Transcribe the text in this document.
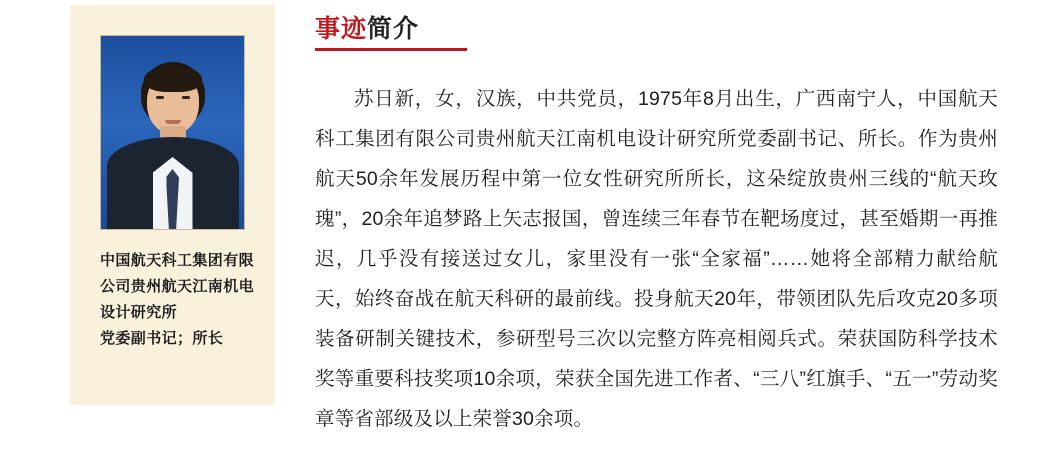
中国航天科工集团有限
公司贵州航天江南机电
设计研究所
党委副书记；所长
事迹简介

苏日新，女，汉族，中共党员，1975年8月出生，广西南宁人，中国航天科工集团有限公司贵州航天江南机电设计研究所党委副书记、所长。作为贵州航天50余年发展历程中第一位女性研究所所长，这朵绽放贵州三线的“航天玫瑰”，20余年追梦路上矢志报国，曾连续三年春节在靶场度过，甚至婚期一再推迟，几乎没有接送过女儿，家里没有一张“全家福”……她将全部精力献给航天，始终奋战在航天科研的最前线。投身航天20年，带领团队先后攻克20多项装备研制关键技术，参研型号三次以完整方阵亮相阅兵式。荣获国防科学技术奖等重要科技奖项10余项，荣获全国先进工作者、“三八”红旗手、“五一”劳动奖章等省部级及以上荣誉30余项。
